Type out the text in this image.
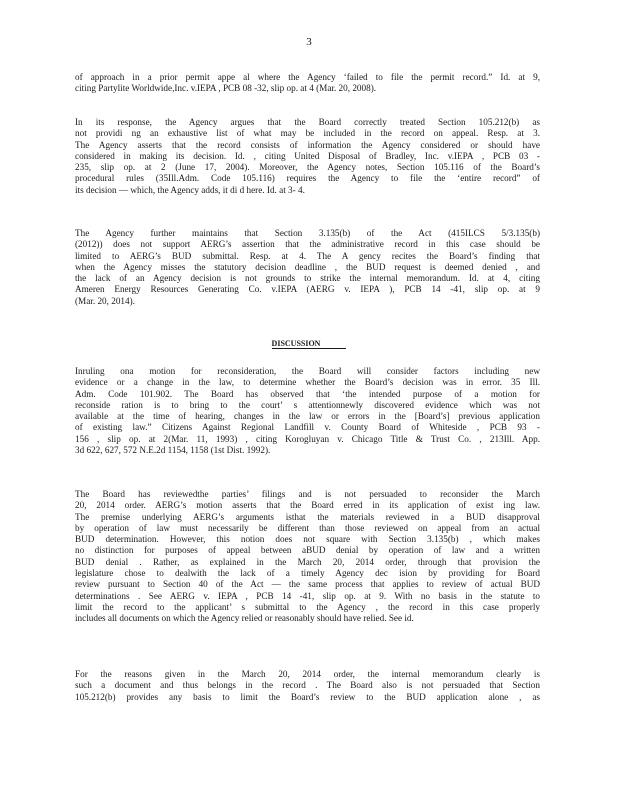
3
of approach in a prior permit appe al where the Agency ‘failed to file the permit record.” Id. at 9,
citing Partylite Worldwide,Inc. v.IEPA , PCB 08 -32, slip op. at 4 (Mar. 20, 2008).
In its response, the Agency argues that the Board correctly treated Section 105.212(b) as
not providi ng an exhaustive list of what may be included in the record on appeal. Resp. at 3.
The Agency asserts that the record consists of information the Agency considered or should have
considered in making its decision. Id. , citing United Disposal of Bradley, Inc. v.IEPA , PCB 03 -
235, slip op. at 2 (June 17, 2004). Moreover, the Agency notes, Section 105.116 of the Board’s
procedural rules (35Ill.Adm. Code 105.116) requires the Agency to file the ‘entire record” of
its decision — which, the Agency adds, it di d here. Id. at 3- 4.
The Agency further maintains that Section 3.135(b) of the Act (415ILCS 5/3.135(b)
(2012)) does not support AERG’s assertion that the administrative record in this case should be
limited to AERG’s BUD submittal. Resp. at 4. The A gency recites the Board’s finding that
when the Agency misses the statutory decision deadline , the BUD request is deemed denied , and
the lack of an Agency decision is not grounds to strike the internal memorandum. Id. at 4, citing
Ameren Energy Resources Generating Co. v.IEPA (AERG v. IEPA ), PCB 14 -41, slip op. at 9
(Mar. 20, 2014).
DISCUSSION
Inruling ona motion for reconsideration, the Board will consider factors including new
evidence or a change in the law, to determine whether the Board’s decision was in error. 35 Ill.
Adm. Code 101.902. The Board has observed that ‘the intended purpose of a motion for
reconside ration is to bring to the court’ s attentionnewly discovered evidence which was not
available at the time of hearing, changes in the law or errors in the [Board’s] previous application
of existing law.” Citizens Against Regional Landfill v. County Board of Whiteside , PCB 93 -
156 , slip op. at 2(Mar. 11, 1993) , citing Korogluyan v. Chicago Title & Trust Co. , 213Ill. App.
3d 622, 627, 572 N.E.2d 1154, 1158 (1st Dist. 1992).
The Board has reviewedthe parties’ filings and is not persuaded to reconsider the March
20, 2014 order. AERG’s motion asserts that the Board erred in its application of exist ing law.
The premise underlying AERG’s arguments isthat the materials reviewed in a BUD disapproval
by operation of law must necessarily be different than those reviewed on appeal from an actual
BUD determination. However, this notion does not square with Section 3.135(b) , which makes
no distinction for purposes of appeal between aBUD denial by operation of law and a written
BUD denial . Rather, as explained in the March 20, 2014 order, through that provision the
legislature chose to dealwith the lack of a timely Agency dec ision by providing for Board
review pursuant to Section 40 of the Act — the same process that applies to review of actual BUD
determinations . See AERG v. IEPA , PCB 14 -41, slip op. at 9. With no basis in the statute to
limit the record to the applicant’ s submittal to the Agency , the record in this case properly
includes all documents on which the Agency relied or reasonably should have relied. See id.
For the reasons given in the March 20, 2014 order, the internal memorandum clearly is
such a document and thus belongs in the record . The Board also is not persuaded that Section
105.212(b) provides any basis to limit the Board’s review to the BUD application alone , as
